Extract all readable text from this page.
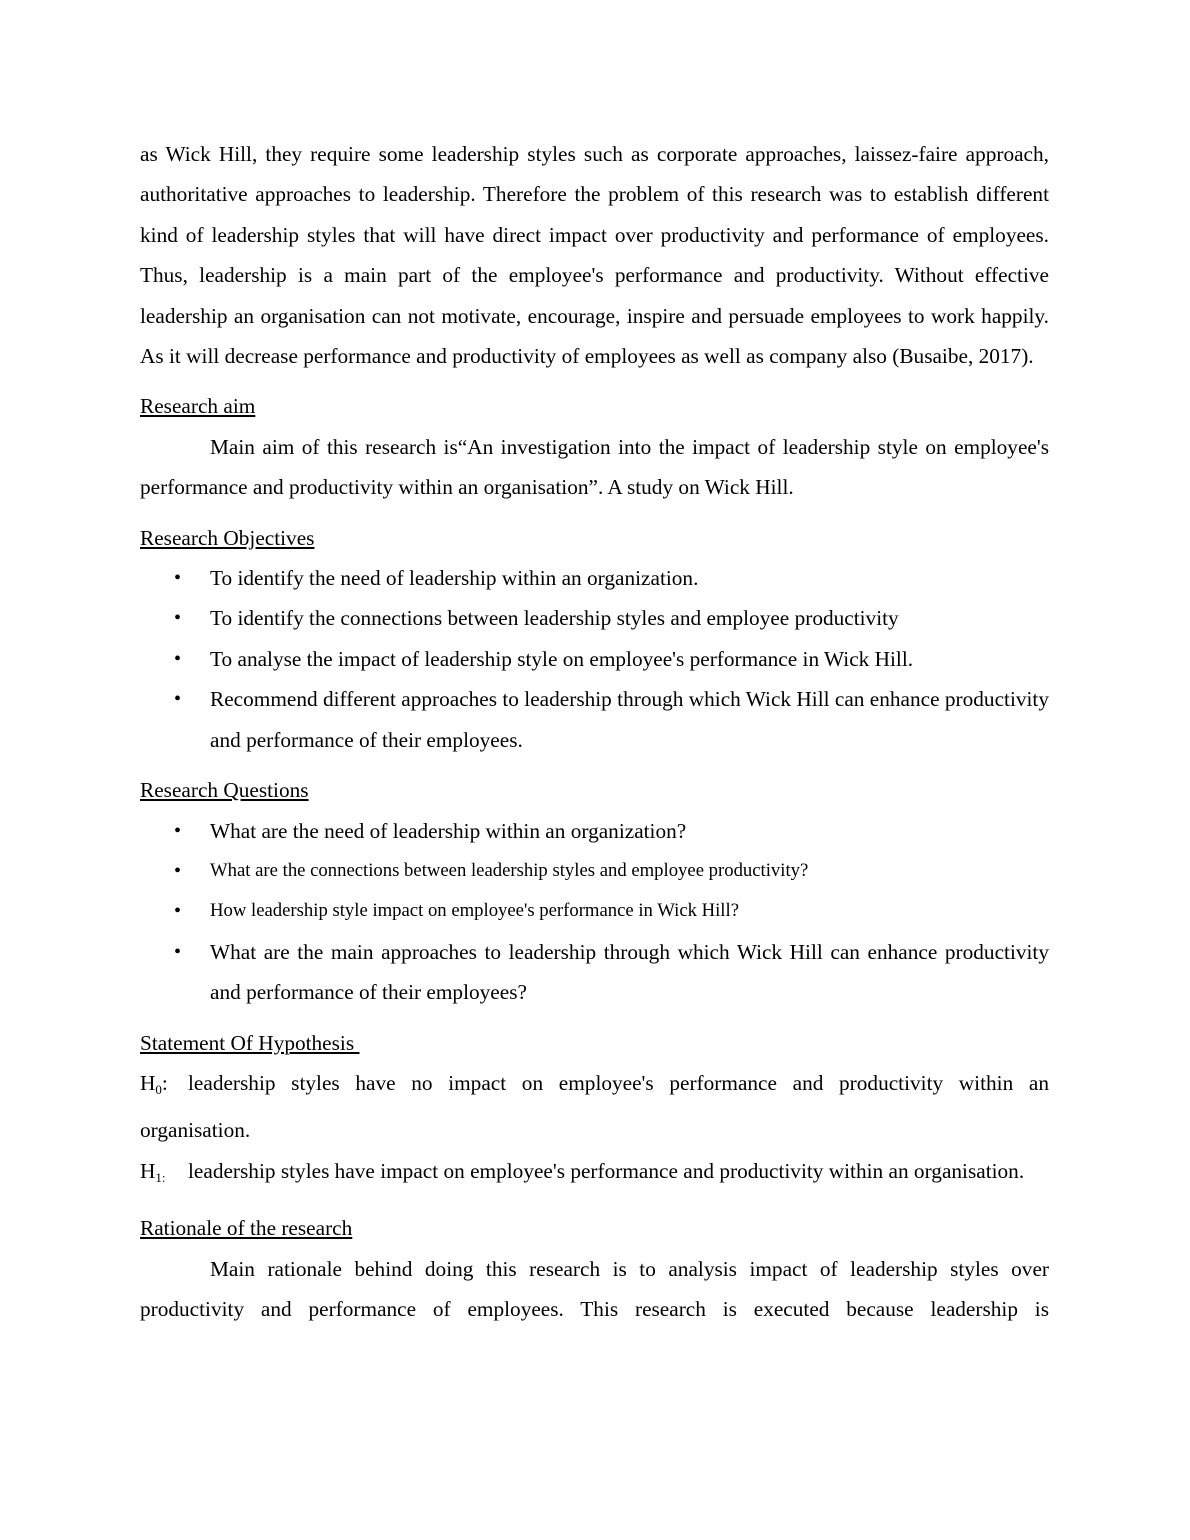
as Wick Hill, they require some leadership styles such as corporate approaches, laissez-faire approach, authoritative approaches to leadership. Therefore the problem of this research was to establish different kind of leadership styles that will have direct impact over productivity and performance of employees. Thus, leadership is a main part of the employee's performance and productivity. Without effective leadership an organisation can not motivate, encourage, inspire and persuade employees to work happily. As it will decrease performance and productivity of employees as well as company also (Busaibe, 2017).

Research aim

Main aim of this research is“An investigation into the impact of leadership style on employee's performance and productivity within an organisation”. A study on Wick Hill.

Research Objectives

• To identify the need of leadership within an organization.
• To identify the connections between leadership styles and employee productivity
• To analyse the impact of leadership style on employee's performance in Wick Hill.
• Recommend different approaches to leadership through which Wick Hill can enhance productivity and performance of their employees.

Research Questions

• What are the need of leadership within an organization?
• What are the connections between leadership styles and employee productivity?
• How leadership style impact on employee's performance in Wick Hill?
• What are the main approaches to leadership through which Wick Hill can enhance productivity and performance of their employees?

Statement Of Hypothesis

$H_0$: leadership styles have no impact on employee's performance and productivity within an organisation.

$H_{1:}$ leadership styles have impact on employee's performance and productivity within an organisation.

Rationale of the research

Main rationale behind doing this research is to analysis impact of leadership styles over productivity and performance of employees. This research is executed because leadership is
